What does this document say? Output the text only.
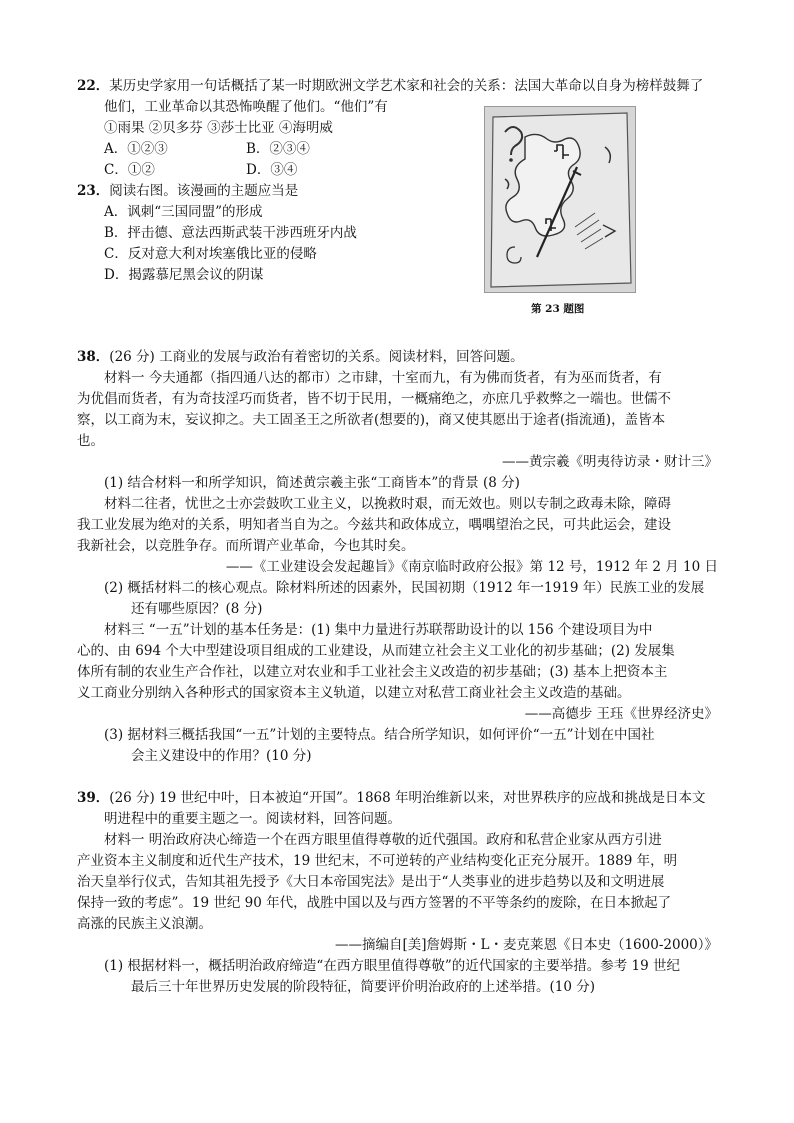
22．某历史学家用一句话概括了某一时期欧洲文学艺术家和社会的关系：法国大革命以自身为榜样鼓舞了
他们，工业革命以其恐怖唤醒了他们。“他们”有
①雨果 ②贝多芬 ③莎士比亚 ④海明威
A．①②③	B．②③④
C．①②	D．③④
23．阅读右图。该漫画的主题应当是
A．讽刺“三国同盟”的形成
B．抨击德、意法西斯武装干涉西班牙内战
C．反对意大利对埃塞俄比亚的侵略
D．揭露慕尼黑会议的阴谋
第 23 题图
38．(26 分) 工商业的发展与政治有着密切的关系。阅读材料，回答问题。
材料一 今夫通都（指四通八达的都市）之市肆，十室而九，有为佛而货者，有为巫而货者，有
为优倡而货者，有为奇技淫巧而货者，皆不切于民用，一概痛绝之，亦庶几乎救弊之一端也。世儒不
察，以工商为末，妄议抑之。夫工固圣王之所欲者(想要的)，商又使其愿出于途者(指流通)，盖皆本
也。
——黄宗羲《明夷待访录・财计三》
(1) 结合材料一和所学知识，简述黄宗羲主张“工商皆本”的背景 (8 分)
材料二往者，忧世之士亦尝鼓吹工业主义，以挽救时艰，而无效也。则以专制之政毒未除，障碍
我工业发展为绝对的关系，明知者当自为之。今兹共和政体成立，喁喁望治之民，可共此运会，建设
我新社会，以竞胜争存。而所谓产业革命，今也其时矣。
——《工业建设会发起趣旨》《南京临时政府公报》第 12 号，1912 年 2 月 10 日
(2) 概括材料二的核心观点。除材料所述的因素外，民国初期（1912 年一1919 年）民族工业的发展
还有哪些原因？(8 分)
材料三 “一五”计划的基本任务是：(1) 集中力量进行苏联帮助设计的以 156 个建设项目为中
心的、由 694 个大中型建设项目组成的工业建设，从而建立社会主义工业化的初步基础；(2) 发展集
体所有制的农业生产合作社，以建立对农业和手工业社会主义改造的初步基础；(3) 基本上把资本主
义工商业分别纳入各种形式的国家资本主义轨道，以建立对私营工商业社会主义改造的基础。
——高德步 王珏《世界经济史》
(3) 据材料三概括我国“一五”计划的主要特点。结合所学知识，如何评价“一五”计划在中国社
会主义建设中的作用？(10 分)
39．(26 分) 19 世纪中叶，日本被迫“开国”。1868 年明治维新以来，对世界秩序的应战和挑战是日本文
明进程中的重要主题之一。阅读材料，回答问题。
材料一 明治政府决心缔造一个在西方眼里值得尊敬的近代强国。政府和私营企业家从西方引进
产业资本主义制度和近代生产技术，19 世纪末，不可逆转的产业结构变化正充分展开。1889 年，明
治天皇举行仪式，告知其祖先授予《大日本帝国宪法》是出于“人类事业的进步趋势以及和文明进展
保持一致的考虑”。19 世纪 90 年代，战胜中国以及与西方签署的不平等条约的废除，在日本掀起了
高涨的民族主义浪潮。
——摘编自[美]詹姆斯・L・麦克莱恩《日本史（1600-2000）》
(1) 根据材料一，概括明治政府缔造“在西方眼里值得尊敬”的近代国家的主要举措。参考 19 世纪
最后三十年世界历史发展的阶段特征，简要评价明治政府的上述举措。(10 分)
